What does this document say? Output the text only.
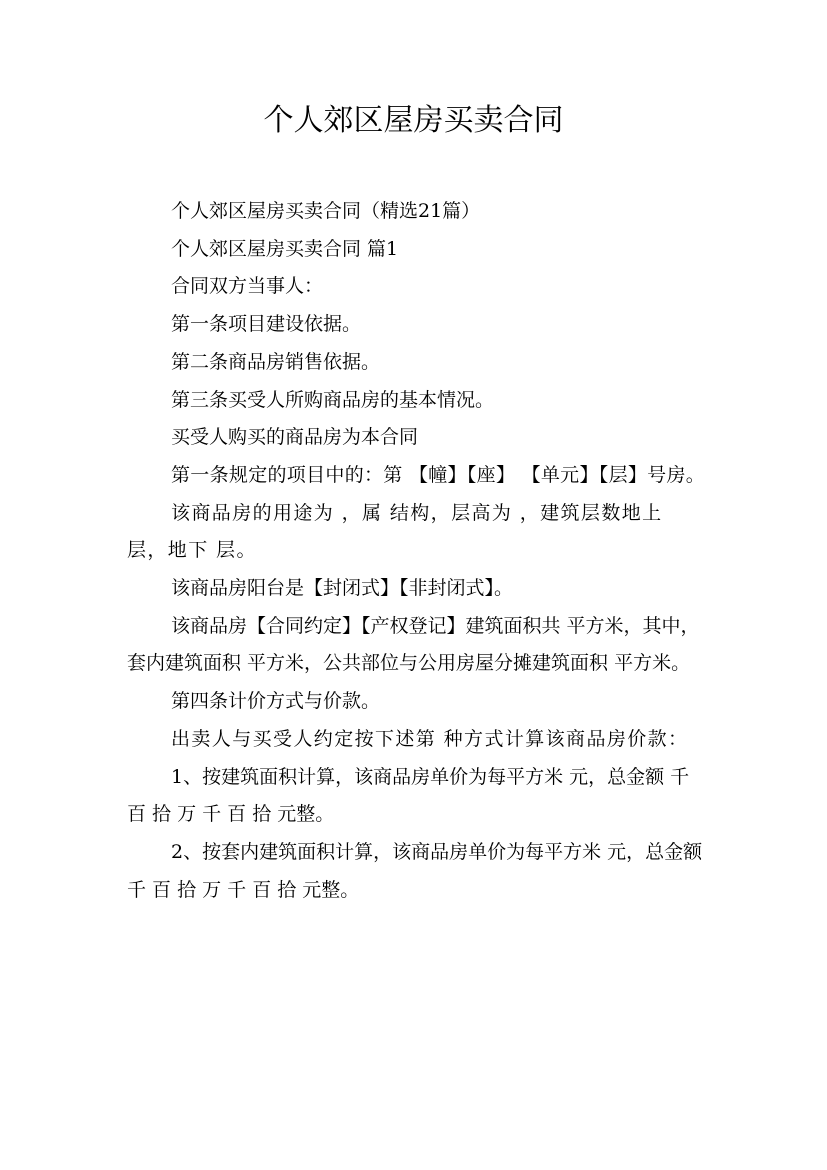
个人郊区屋房买卖合同

个人郊区屋房买卖合同（精选21篇）

个人郊区屋房买卖合同 篇1

合同双方当事人：

第一条项目建设依据。

第二条商品房销售依据。

第三条买受人所购商品房的基本情况。

买受人购买的商品房为本合同

第一条规定的项目中的：第 【幢】【座】 【单元】【层】号房。

该商品房的用途为 ，属 结构，层高为 ，建筑层数地上 层，地下 层。

该商品房阳台是【封闭式】【非封闭式】。

该商品房【合同约定】【产权登记】建筑面积共 平方米，其中，套内建筑面积 平方米，公共部位与公用房屋分摊建筑面积 平方米。

第四条计价方式与价款。

出卖人与买受人约定按下述第 种方式计算该商品房价款：

1、按建筑面积计算，该商品房单价为每平方米 元，总金额 千 百 拾 万 千 百 拾 元整。

2、按套内建筑面积计算，该商品房单价为每平方米 元，总金额 千 百 拾 万 千 百 拾 元整。
